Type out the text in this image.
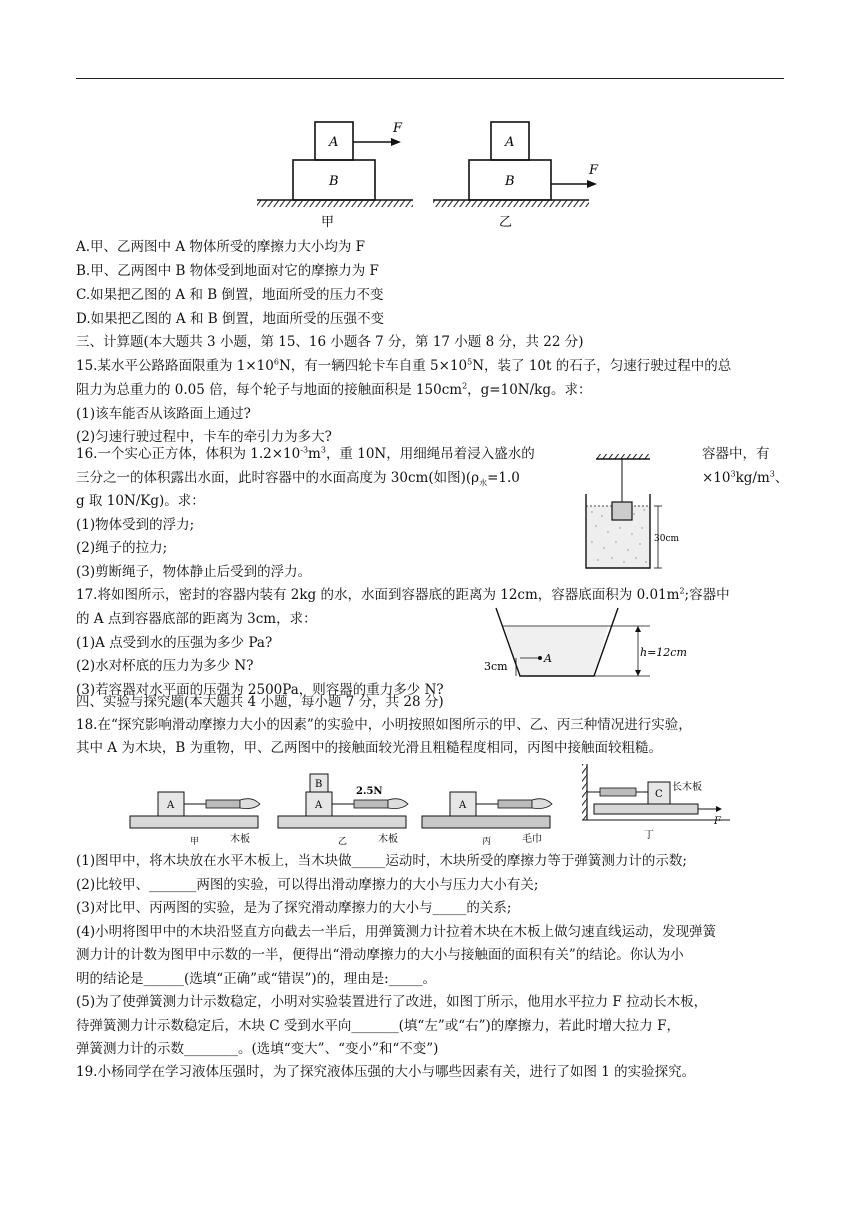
A
F
B
甲
A
B
F
乙
A.甲、乙两图中 A 物体所受的摩擦力大小均为 F
B.甲、乙两图中 B 物体受到地面对它的摩擦力为 F
C.如果把乙图的 A 和 B 倒置，地面所受的压力不变
D.如果把乙图的 A 和 B 倒置，地面所受的压强不变
三、计算题(本大题共 3 小题，第 15、16 小题各 7 分，第 17 小题 8 分，共 22 分)
15.某水平公路路面限重为 $1\times 10^6N$，有一辆四轮卡车自重 $5\times 10^5N$，装了 10t 的石子，匀速行驶过程中的总
阻力为总重力的 0.05 倍，每个轮子与地面的接触面积是 $150cm^2$，g=10N/kg。求：
(1)该车能否从该路面上通过?
(2)匀速行驶过程中，卡车的牵引力为多大?
16.一个实心正方体，体积为 $1.2\times 10^{-3}m^3$，重 10N，用细绳吊着浸入盛水的	容器中，有
三分之一的体积露出水面，此时容器中的水面高度为 30cm(如图)($\rho_水=1.0$	$\times 10^3kg/m^3$、
g 取 10N/Kg)。求：
(1)物体受到的浮力;
(2)绳子的拉力;
(3)剪断绳子，物体静止后受到的浮力。
30cm
17.将如图所示，密封的容器内装有 2kg 的水，水面到容器底的距离为 12cm，容器底面积为 $0.01m^2$;容器中
的 A 点到容器底部的距离为 3cm，求：
(1)A 点受到水的压强为多少 Pa?
(2)水对杯底的压力为多少 N?
(3)若容器对水平面的压强为 2500Pa，则容器的重力多少 N?
A
3cm
h=12cm
四、实验与探究题(本大题共 4 小题，每小题 7 分，共 28 分)
18.在“探究影响滑动摩擦力大小的因素”的实验中，小明按照如图所示的甲、乙、丙三种情况进行实验，
其中 A 为木块，B 为重物，甲、乙两图中的接触面较光滑且粗糙程度相同，丙图中接触面较粗糙。
A
木板
甲
A
B
2.5N
木板
乙
A
毛巾
丙
C
长木板
F
丁
(1)图甲中，将木块放在水平木板上，当木块做_____运动时，木块所受的摩擦力等于弹簧测力计的示数;
(2)比较甲、_______两图的实验，可以得出滑动摩擦力的大小与压力大小有关;
(3)对比甲、丙两图的实验，是为了探究滑动摩擦力的大小与_____的关系;
(4)小明将图甲中的木块沿竖直方向截去一半后，用弹簧测力计拉着木块在木板上做匀速直线运动，发现弹簧
测力计的计数为图甲中示数的一半，便得出“滑动摩擦力的大小与接触面的面积有关”的结论。你认为小
明的结论是______(选填“正确”或“错误”)的，理由是:_____。
(5)为了使弹簧测力计示数稳定，小明对实验装置进行了改进，如图丁所示，他用水平拉力 F 拉动长木板，
待弹簧测力计示数稳定后，木块 C 受到水平向_______(填“左”或“右”)的摩擦力，若此时增大拉力 F，
弹簧测力计的示数________。(选填“变大”、“变小”和“不变”)
19.小杨同学在学习液体压强时，为了探究液体压强的大小与哪些因素有关，进行了如图 1 的实验探究。
